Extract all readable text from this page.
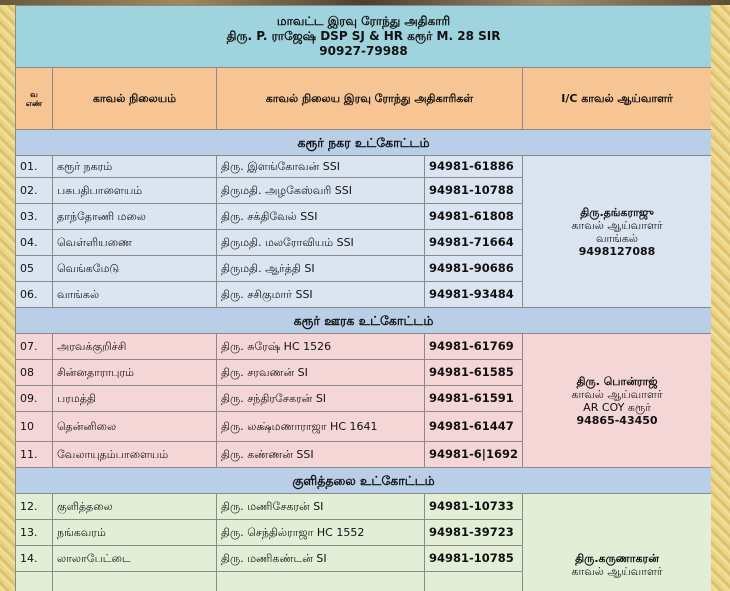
மாவட்ட இரவு ரோந்து அதிகாரி
திரு. P. ராஜேஷ் DSP SJ & HR கரூர் M. 28 SIR
90927-79988				

வ
எண்	காவல் நிலையம்	காவல் நிலைய இரவு ரோந்து அதிகாரிகள்		I/C காவல் ஆய்வாளர்
கரூர் நகர உட்கோட்டம்				
01.	கரூர் நகரம்	திரு. இளங்கோவன் SSI	94981-61886	திரு.தங்கராஜு
காவல் ஆய்வாளர்
வாங்கல்
9498127088

02.	பசுபதிபாளையம்	திருமதி. அழகேஸ்வரி SSI	94981-10788	
03.	தாந்தோணி மலை	திரு. சக்திவேல் SSI	94981-61808	
04.	வெள்ளியணை	திருமதி. மலரோவியம் SSI	94981-71664	
05	வெங்கமேடு	திருமதி. ஆர்த்தி SI	94981-90686	
06.	வாங்கல்	திரு. சசிகுமார் SSI	94981-93484	
கரூர் ஊரக உட்கோட்டம்				
07.	அரவக்குறிச்சி	திரு. சுரேஷ் HC 1526	94981-61769	திரு. பொன்ராஜ்
காவல் ஆய்வாளர்
AR COY கரூர்
94865-43450

08	சின்னதாராபுரம்	திரு. சரவணன் SI	94981-61585	
09.	பரமத்தி	திரு. சந்திரசேகரன் SI	94981-61591	
10	தென்னிலை	திரு. லக்ஷ்மணாராஜா HC 1641	94981-61447	
11.	வேலாயுதம்பாளையம்	திரு. கண்ணன் SSI	94981-6|1692	
குளித்தலை உட்கோட்டம்				
12.	குளித்தலை	திரு. மணிசேகரன் SI	94981-10733	திரு.கருணாகரன்
காவல் ஆய்வாளர்

13.	நங்கவரம்	திரு. செந்தில்ராஜா HC 1552	94981-39723	
14.	லாலாபேட்டை	திரு. மணிகண்டன் SI	94981-10785	
